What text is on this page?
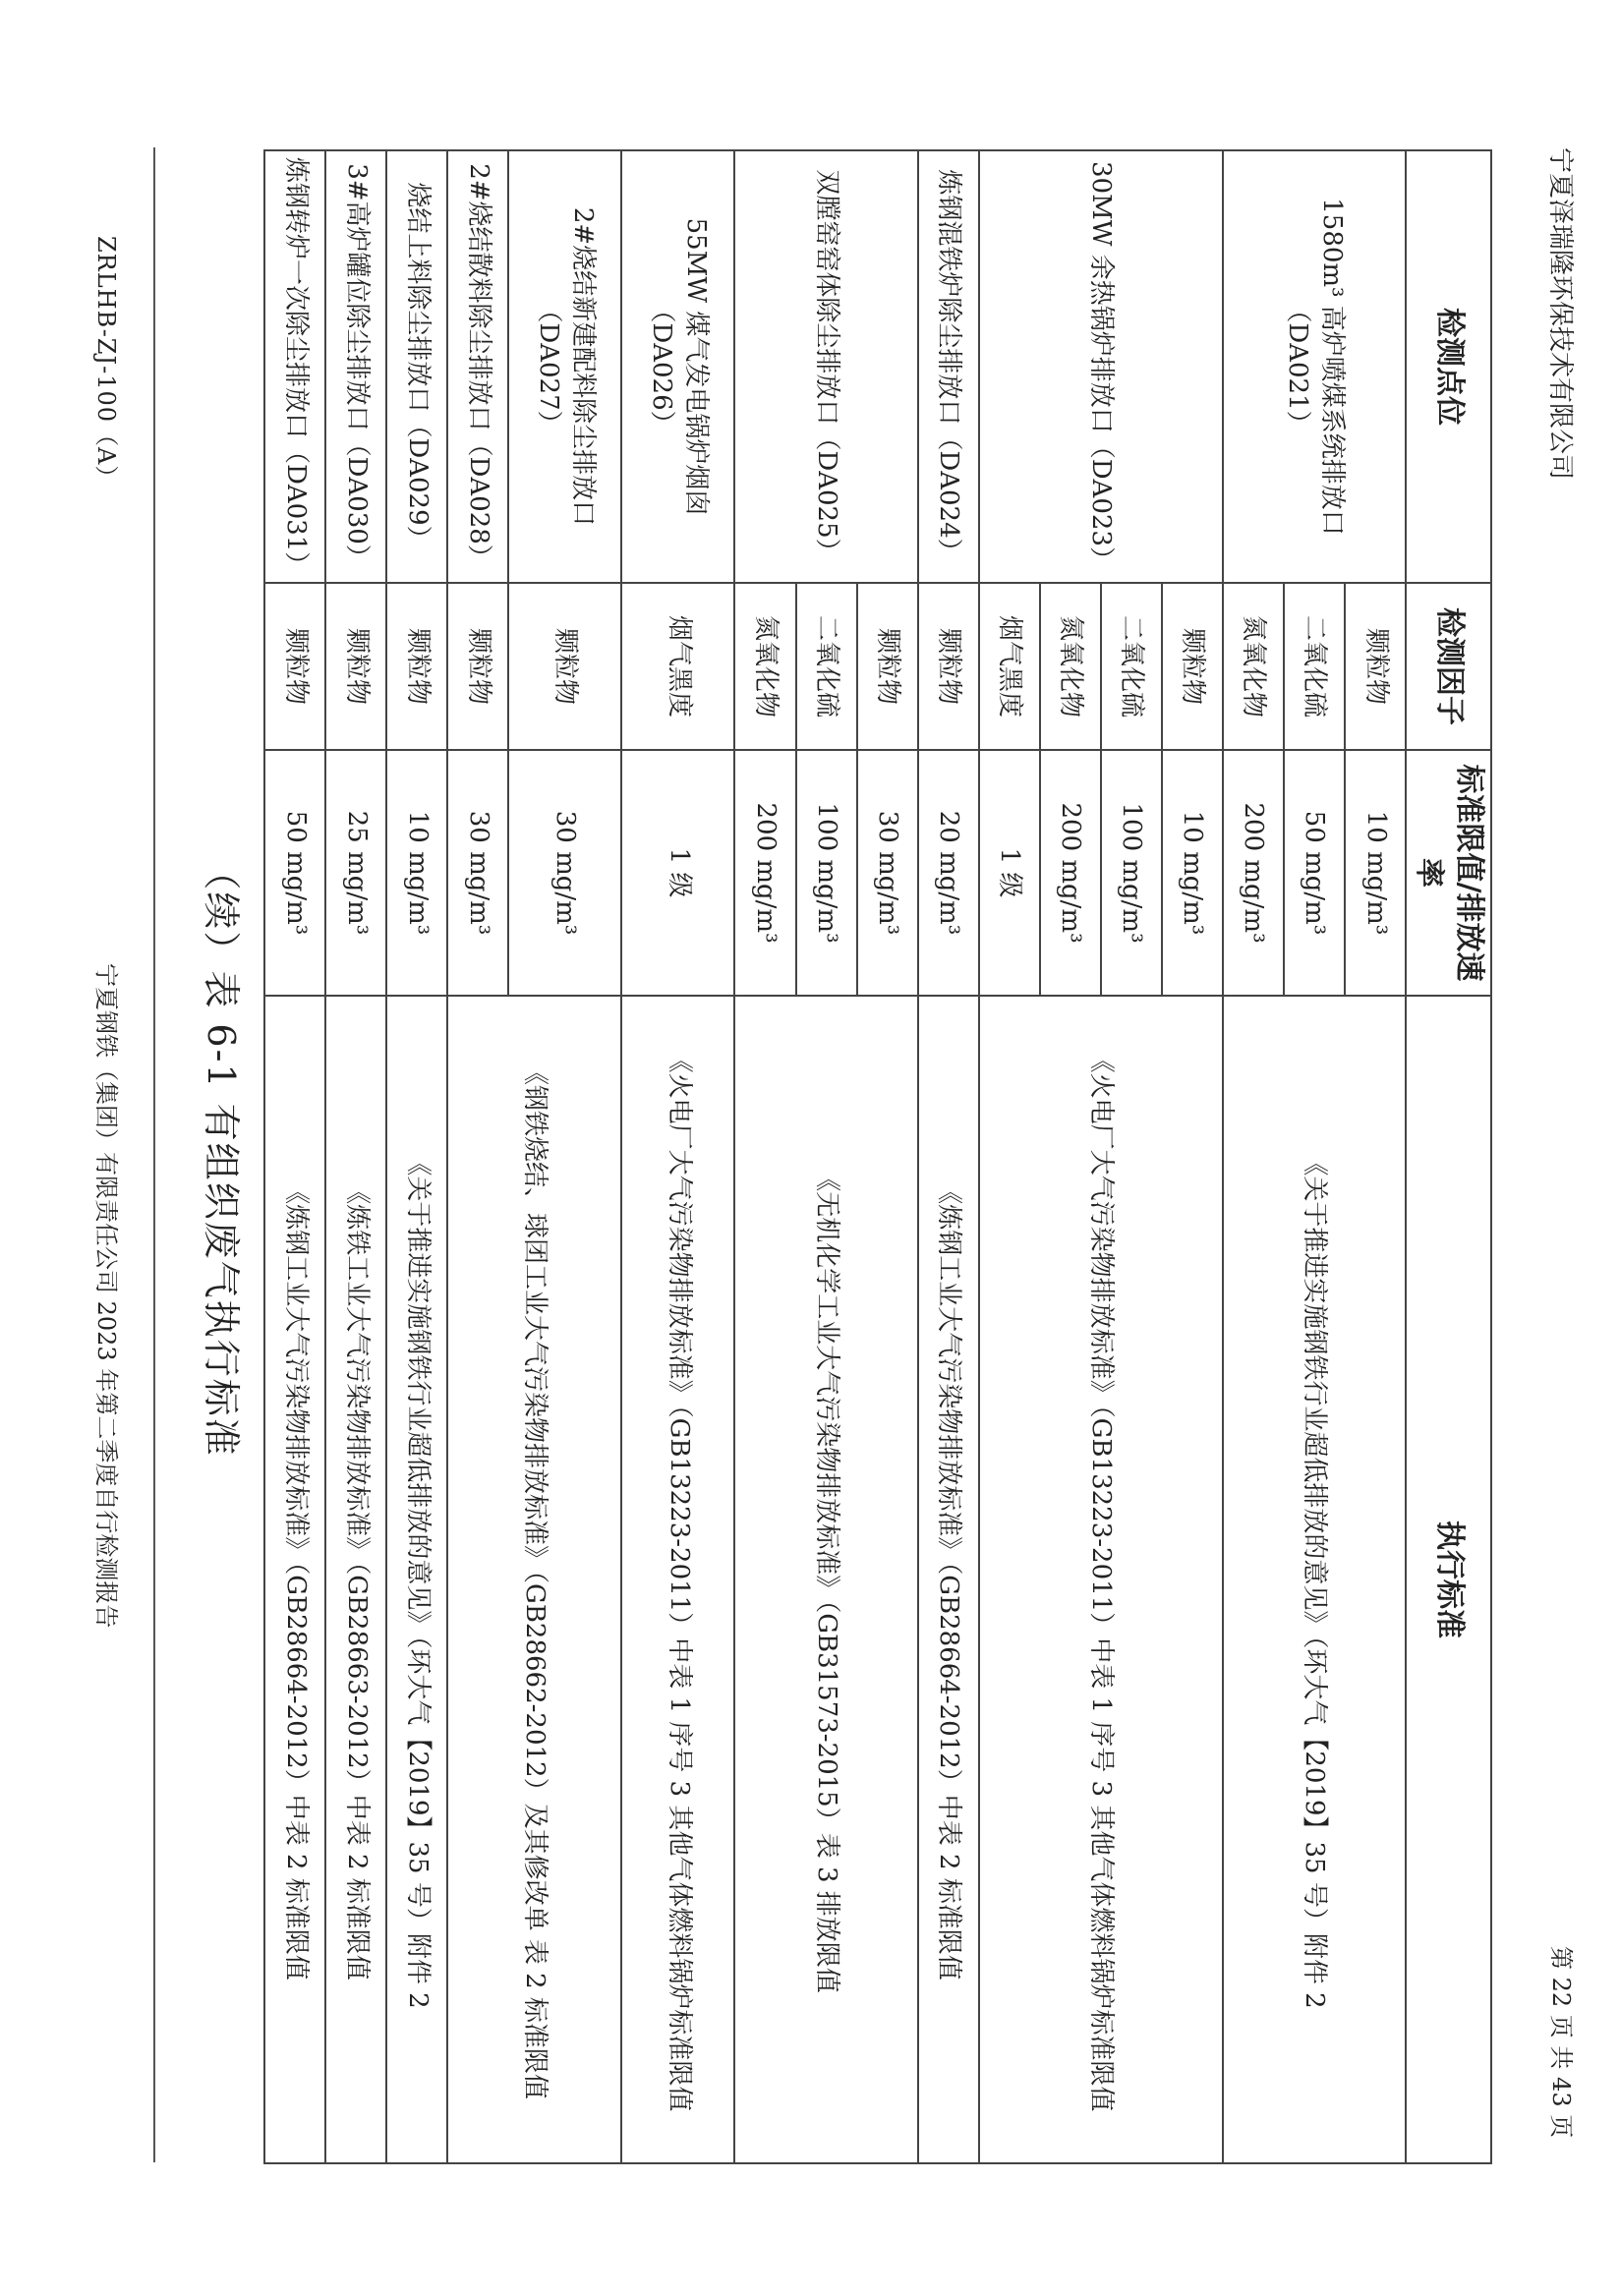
ZRLHB-ZJ-100（A）
宁夏钢铁（集团）有限责任公司 2023 年第二季度自行检测报告 （续）表 6-1 有组织废气执行标准
检测点位	检测因子	标准限值/排放速率	执行标准
1580m³ 高炉喷煤系统排放口（DA021）	颗粒物	10 mg/m³	《关于推进实施钢铁行业超低排放的意见》（环大气【2019】35 号）附件 2
	二氧化硫	50 mg/m³	
	氮氧化物	200 mg/m³	
30MW 余热锅炉排放口（DA023）	颗粒物	10 mg/m³	《火电厂大气污染物排放标准》（GB13223-2011）中表 1 序号 3 其他气体燃料锅炉标准限值
	二氧化硫	100 mg/m³	
	氮氧化物	200 mg/m³	
	烟气黑度	1 级	
炼钢混铁炉除尘排放口（DA024）	颗粒物	20 mg/m³	《炼钢工业大气污染物排放标准》（GB28664-2012）中表 2 标准限值
双膛窑窑体除尘排放口（DA025）	颗粒物	30 mg/m³	《无机化学工业大气污染物排放标准》（GB31573-2015）表 3 排放限值
	二氧化硫	100 mg/m³	
	氮氧化物	200 mg/m³	
55MW 煤气发电锅炉烟囱（DA026）	烟气黑度	1 级	《火电厂大气污染物排放标准》（GB13223-2011）中表 1 序号 3 其他气体燃料锅炉标准限值
2#烧结新建配料除尘排放口（DA027）	颗粒物	30 mg/m³	《钢铁烧结、球团工业大气污染物排放标准》（GB28662-2012）及其修改单 表 2 标准限值
2#烧结散料除尘排放口（DA028）	颗粒物	30 mg/m³	
烧结上料除尘排放口（DA029）	颗粒物	10 mg/m³	《关于推进实施钢铁行业超低排放的意见》（环大气【2019】35 号）附件 2
3#高炉罐位除尘排放口（DA030）	颗粒物	25 mg/m³	《炼铁工业大气污染物排放标准》（GB28663-2012）中表 2 标准限值
炼钢转炉一次除尘排放口（DA031）	颗粒物	50 mg/m³	《炼钢工业大气污染物排放标准》（GB28664-2012）中表 2 标准限值
宁夏泽瑞隆环保技术有限公司
第 22 页 共 43 页
